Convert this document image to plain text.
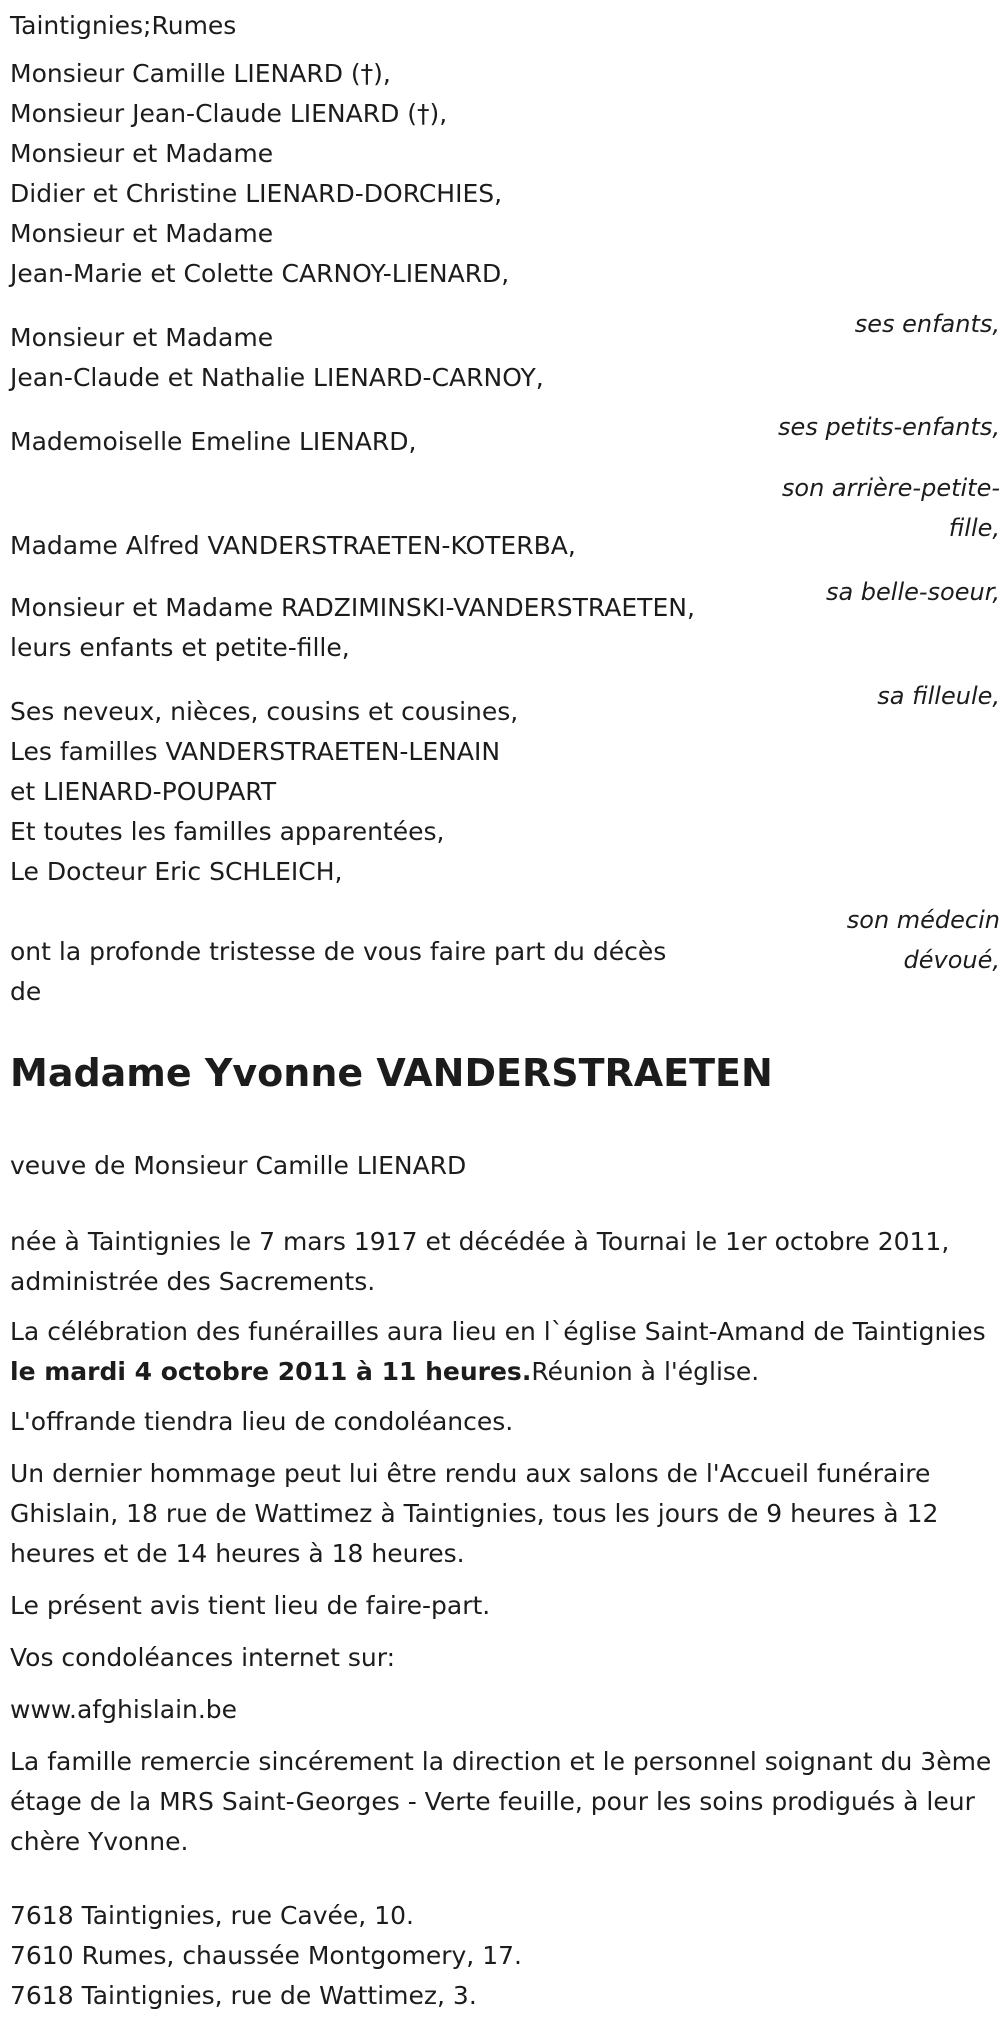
Taintignies;Rumes

Monsieur Camille LIENARD (†),

Monsieur Jean-Claude LIENARD (†),

Monsieur et Madame

Didier et Christine LIENARD-DORCHIES,

Monsieur et Madame

Jean-Marie et Colette CARNOY-LIENARD,

ses enfants,

Monsieur et Madame

Jean-Claude et Nathalie LIENARD-CARNOY,

ses petits-enfants,

Mademoiselle Emeline LIENARD,

son arrière-petite-

fille,

Madame Alfred VANDERSTRAETEN-KOTERBA,

sa belle-soeur,

Monsieur et Madame RADZIMINSKI-VANDERSTRAETEN,

leurs enfants et petite-fille,

sa filleule,

Ses neveux, nièces, cousins et cousines,

Les familles VANDERSTRAETEN-LENAIN

et LIENARD-POUPART

Et toutes les familles apparentées,

Le Docteur Eric SCHLEICH,

son médecin

dévoué,

ont la profonde tristesse de vous faire part du décès

de

Madame Yvonne VANDERSTRAETEN

veuve de Monsieur Camille LIENARD

née à Taintignies le 7 mars 1917 et décédée à Tournai le 1er octobre 2011, administrée des Sacrements.

La célébration des funérailles aura lieu en l`église Saint-Amand de Taintignies le mardi 4 octobre 2011 à 11 heures.Réunion à l'église.

L'offrande tiendra lieu de condoléances.

Un dernier hommage peut lui être rendu aux salons de l'Accueil funéraire Ghislain, 18 rue de Wattimez à Taintignies, tous les jours de 9 heures à 12 heures et de 14 heures à 18 heures.

Le présent avis tient lieu de faire-part.

Vos condoléances internet sur:

www.afghislain.be

La famille remercie sincérement la direction et le personnel soignant du 3ème étage de la MRS Saint-Georges - Verte feuille, pour les soins prodigués à leur chère Yvonne.

7618 Taintignies, rue Cavée, 10.

7610 Rumes, chaussée Montgomery, 17.

7618 Taintignies, rue de Wattimez, 3.
